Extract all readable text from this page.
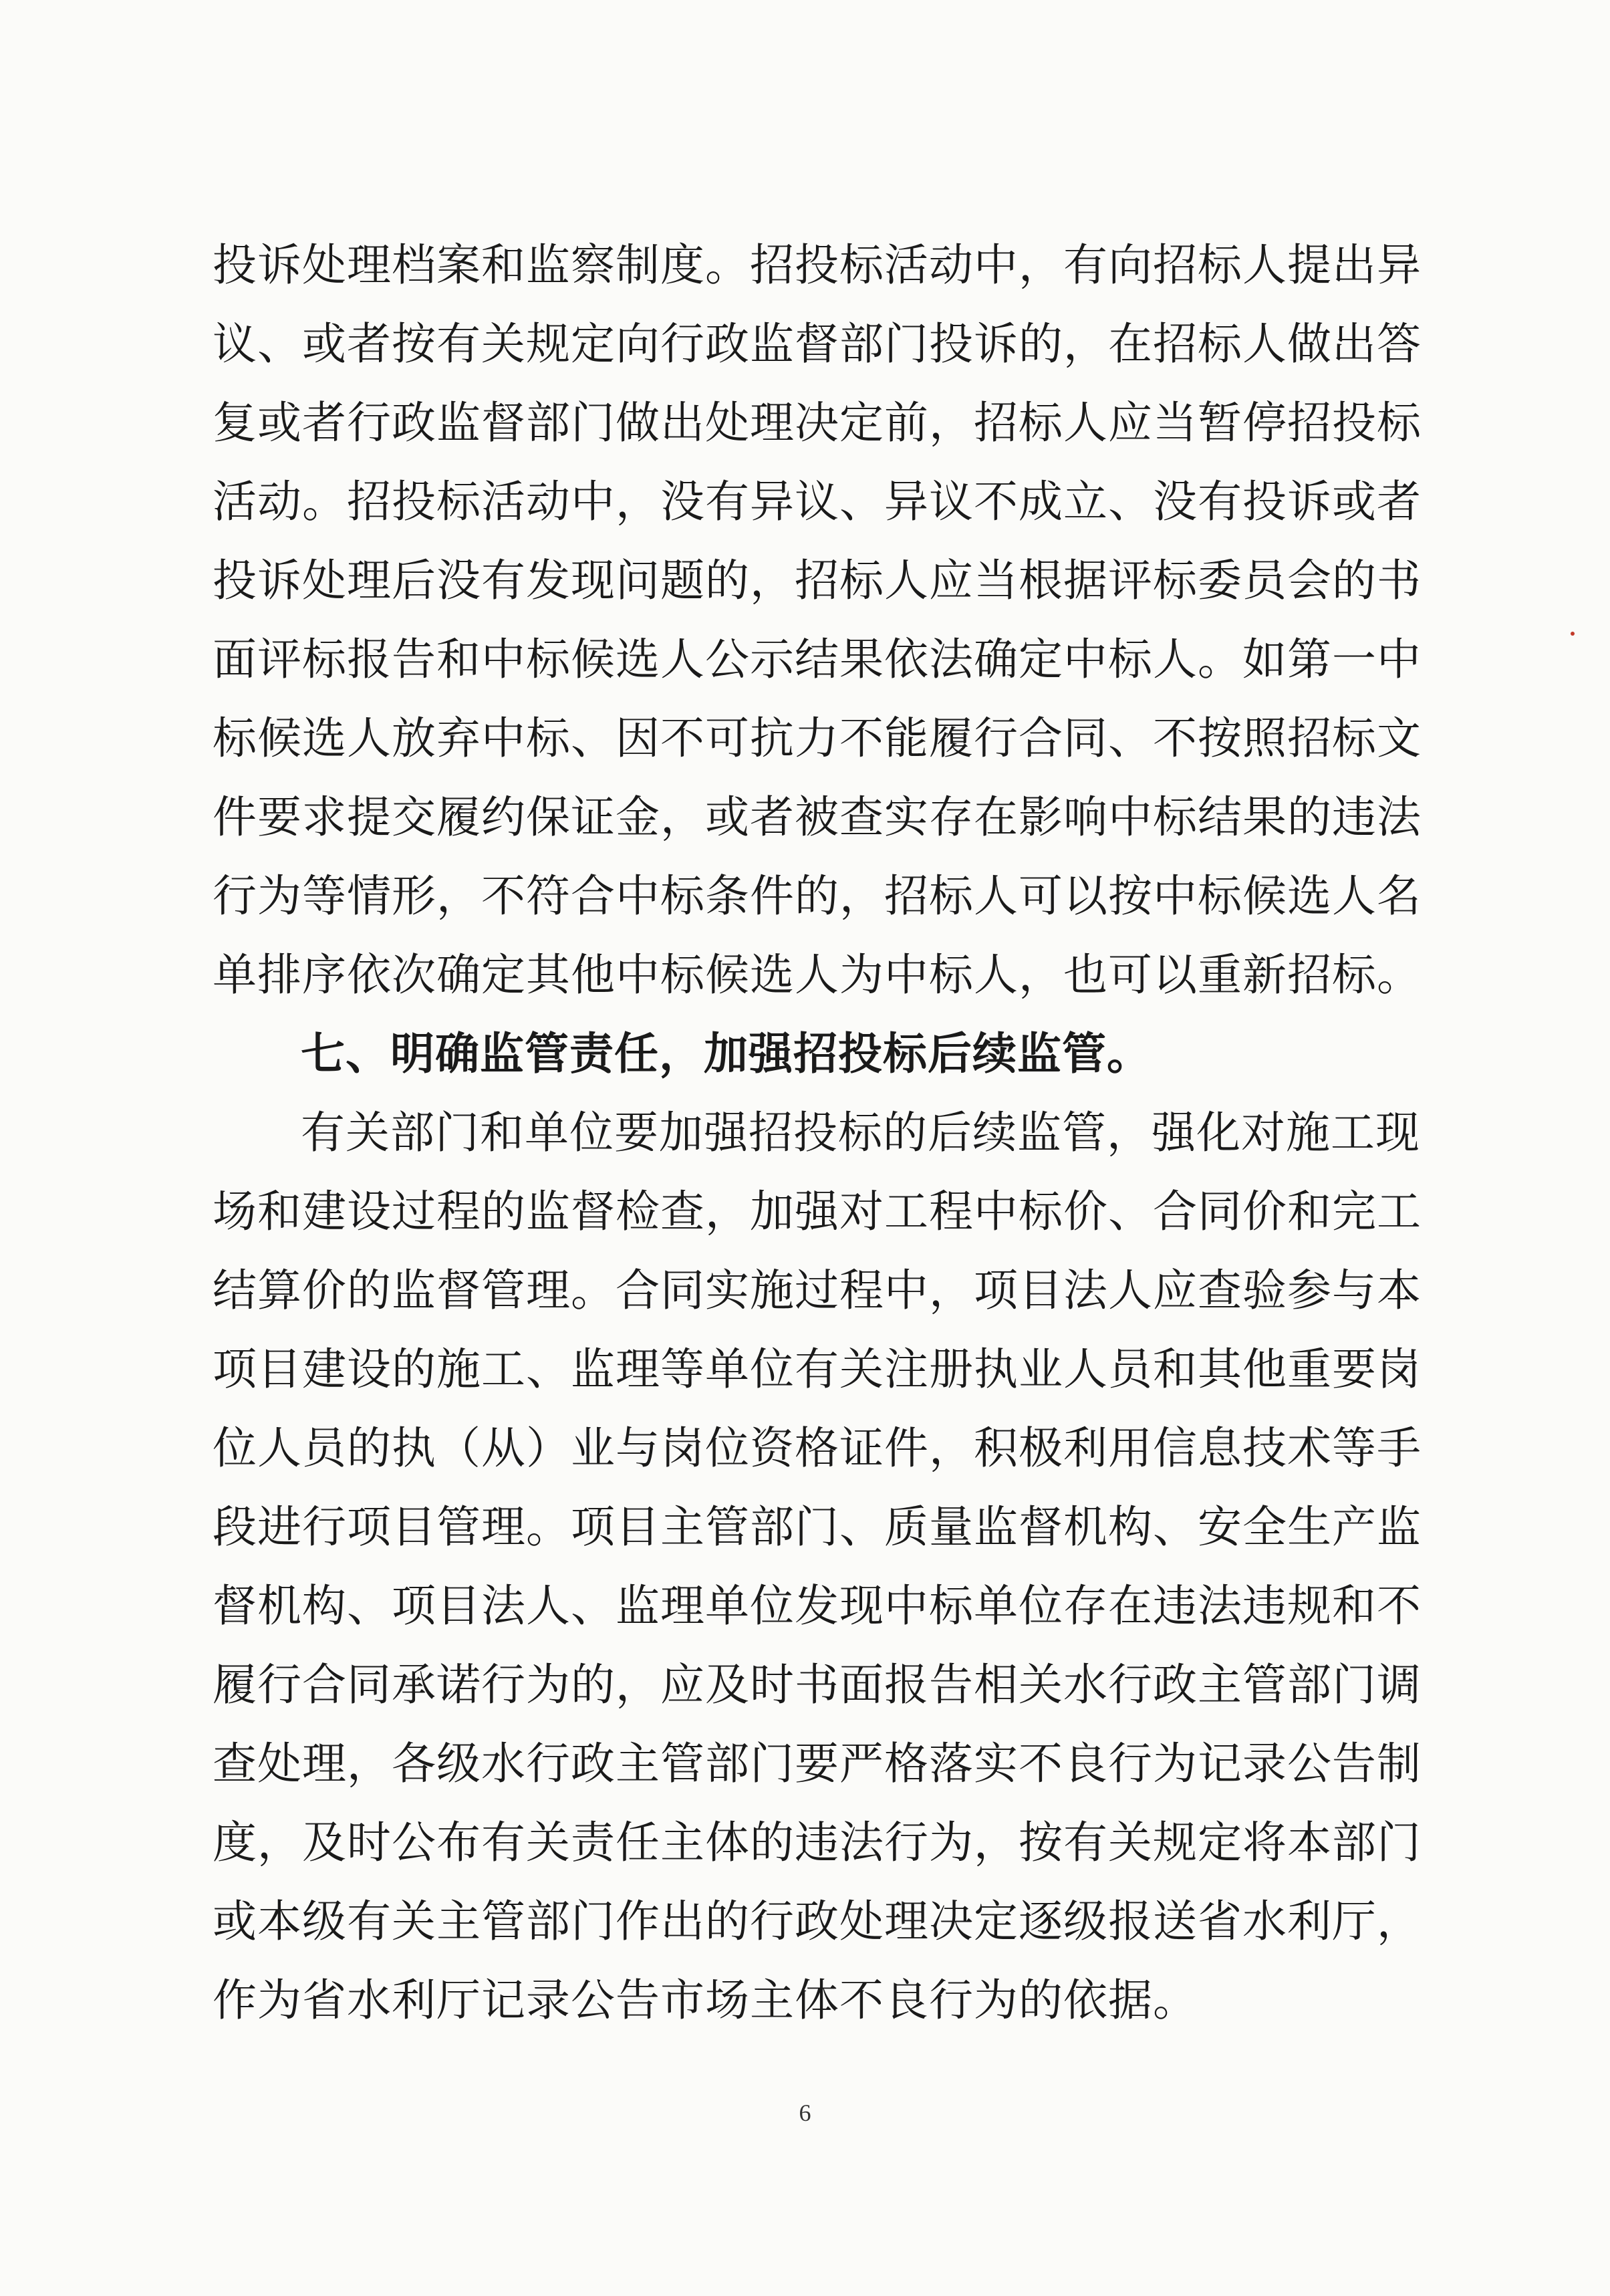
投诉处理档案和监察制度。招投标活动中，有向招标人提出异
议、或者按有关规定向行政监督部门投诉的，在招标人做出答
复或者行政监督部门做出处理决定前，招标人应当暂停招投标
活动。招投标活动中，没有异议、异议不成立、没有投诉或者
投诉处理后没有发现问题的，招标人应当根据评标委员会的书
面评标报告和中标候选人公示结果依法确定中标人。如第一中
标候选人放弃中标、因不可抗力不能履行合同、不按照招标文
件要求提交履约保证金，或者被查实存在影响中标结果的违法
行为等情形，不符合中标条件的，招标人可以按中标候选人名
单排序依次确定其他中标候选人为中标人，也可以重新招标。
七、明确监管责任，加强招投标后续监管。
有关部门和单位要加强招投标的后续监管，强化对施工现
场和建设过程的监督检查，加强对工程中标价、合同价和完工
结算价的监督管理。合同实施过程中，项目法人应查验参与本
项目建设的施工、监理等单位有关注册执业人员和其他重要岗
位人员的执（从）业与岗位资格证件，积极利用信息技术等手
段进行项目管理。项目主管部门、质量监督机构、安全生产监
督机构、项目法人、监理单位发现中标单位存在违法违规和不
履行合同承诺行为的，应及时书面报告相关水行政主管部门调
查处理，各级水行政主管部门要严格落实不良行为记录公告制
度，及时公布有关责任主体的违法行为，按有关规定将本部门
或本级有关主管部门作出的行政处理决定逐级报送省水利厅，
作为省水利厅记录公告市场主体不良行为的依据。
6
